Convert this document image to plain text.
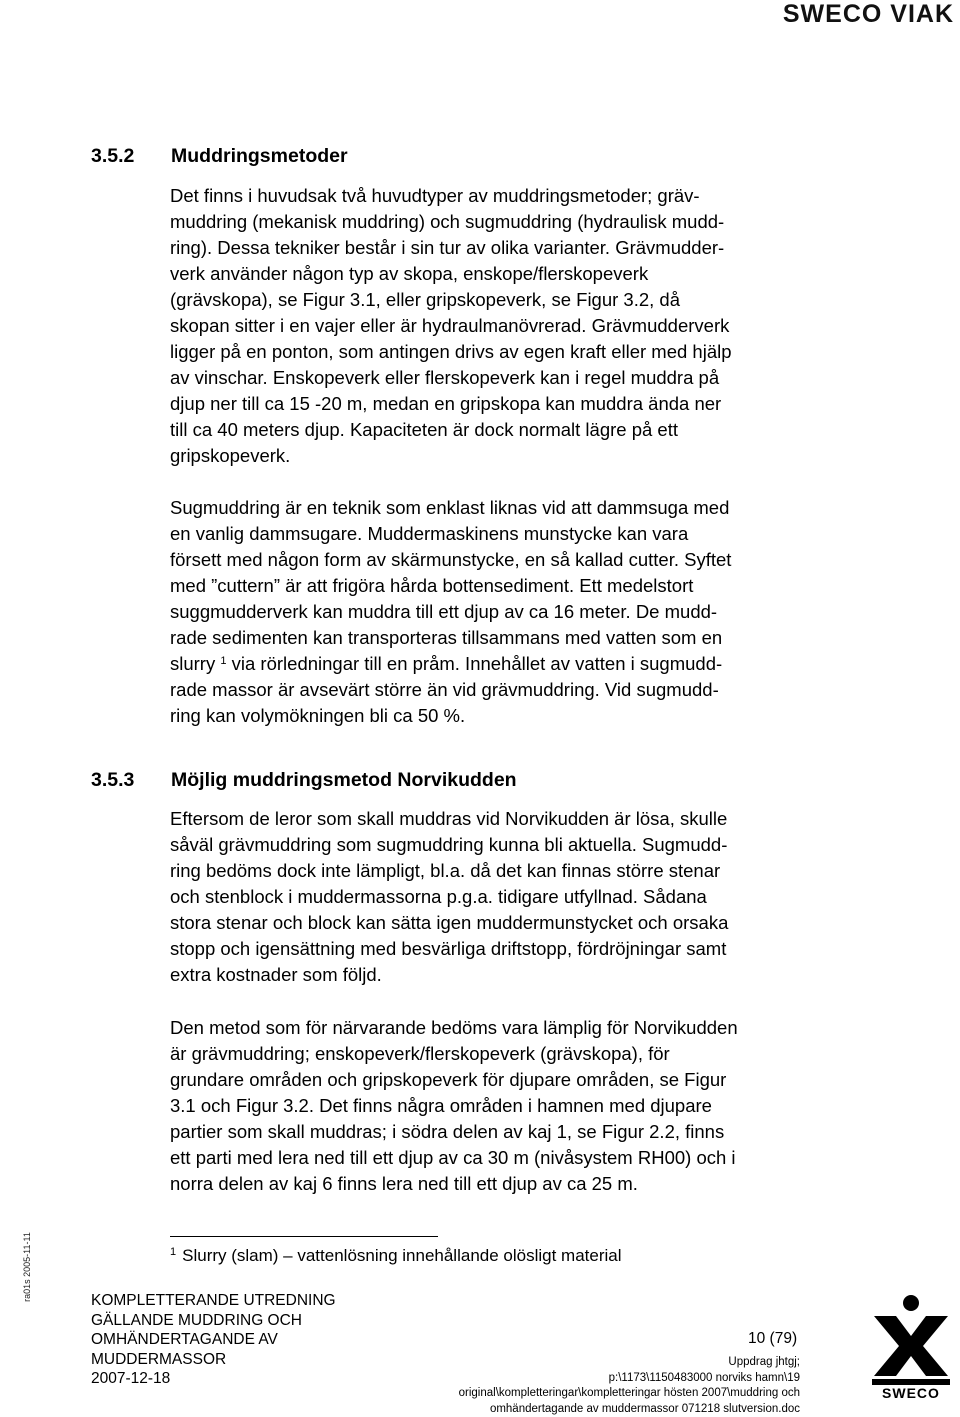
SWECO VIAK
3.5.2 Muddringsmetoder
Det finns i huvudsak två huvudtyper av muddringsmetoder; gräv-
muddring (mekanisk muddring) och sugmuddring (hydraulisk mudd-
ring). Dessa tekniker består i sin tur av olika varianter. Grävmudder-
verk använder någon typ av skopa, enskope/flerskopeverk
(grävskopa), se Figur 3.1, eller gripskopeverk, se Figur 3.2, då
skopan sitter i en vajer eller är hydraulmanövrerad. Grävmudderverk
ligger på en ponton, som antingen drivs av egen kraft eller med hjälp
av vinschar. Enskopeverk eller flerskopeverk kan i regel muddra på
djup ner till ca 15 -20 m, medan en gripskopa kan muddra ända ner
till ca 40 meters djup. Kapaciteten är dock normalt lägre på ett
gripskopeverk.
Sugmuddring är en teknik som enklast liknas vid att dammsuga med
en vanlig dammsugare. Muddermaskinens munstycke kan vara
försett med någon form av skärmunstycke, en så kallad cutter. Syftet
med ”cuttern” är att frigöra hårda bottensediment. Ett medelstort
suggmudderverk kan muddra till ett djup av ca 16 meter. De mudd-
rade sedimenten kan transporteras tillsammans med vatten som en
slurry $^1$ via rörledningar till en pråm. Innehållet av vatten i sugmudd-
rade massor är avsevärt större än vid grävmuddring. Vid sugmudd-
ring kan volymökningen bli ca 50 %.
3.5.3 Möjlig muddringsmetod Norvikudden
Eftersom de leror som skall muddras vid Norvikudden är lösa, skulle
såväl grävmuddring som sugmuddring kunna bli aktuella. Sugmudd-
ring bedöms dock inte lämpligt, bl.a. då det kan finnas större stenar
och stenblock i muddermassorna p.g.a. tidigare utfyllnad. Sådana
stora stenar och block kan sätta igen muddermunstycket och orsaka
stopp och igensättning med besvärliga driftstopp, fördröjningar samt
extra kostnader som följd.
Den metod som för närvarande bedöms vara lämplig för Norvikudden
är grävmuddring; enskopeverk/flerskopeverk (grävskopa), för
grundare områden och gripskopeverk för djupare områden, se Figur
3.1 och Figur 3.2. Det finns några områden i hamnen med djupare
partier som skall muddras; i södra delen av kaj 1, se Figur 2.2, finns
ett parti med lera ned till ett djup av ca 30 m (nivåsystem RH00) och i
norra delen av kaj 6 finns lera ned till ett djup av ca 25 m.
$^1$ Slurry (slam) – vattenlösning innehållande olösligt material
ra01s 2005-11-11	KOMPLETTERANDE UTREDNING
GÄLLANDE MUDDRING OCH
OMHÄNDERTAGANDE AV
MUDDERMASSOR
2007-12-18
10 (79)
Uppdrag jhtgj;
p:\1173\1150483000 norviks hamn\19
original\kompletteringar\kompletteringar hösten 2007\muddring och
omhändertagande av muddermassor 071218 slutversion.doc
SWECO
